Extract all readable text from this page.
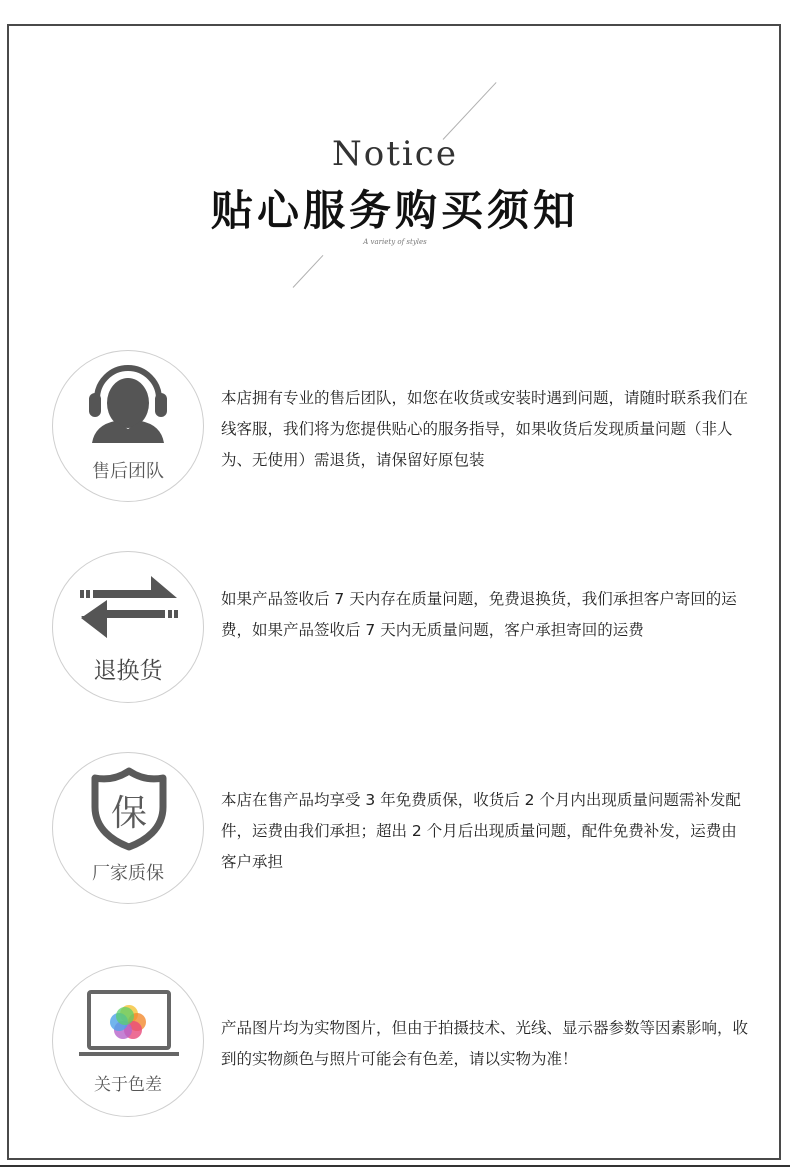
Notice
贴心服务购买须知
A variety of styles
售后团队
本店拥有专业的售后团队，如您在收货或安装时遇到问题，请随时联系我们在线客服，我们将为您提供贴心的服务指导，如果收货后发现质量问题（非人为、无使用）需退货，请保留好原包装
退换货
如果产品签收后 7 天内存在质量问题，免费退换货，我们承担客户寄回的运费，如果产品签收后 7 天内无质量问题，客户承担寄回的运费
保
厂家质保
本店在售产品均享受 3 年免费质保，收货后 2 个月内出现质量问题需补发配件，运费由我们承担；超出 2 个月后出现质量问题，配件免费补发，运费由客户承担
关于色差
产品图片均为实物图片，但由于拍摄技术、光线、显示器参数等因素影响，收到的实物颜色与照片可能会有色差，请以实物为准！
